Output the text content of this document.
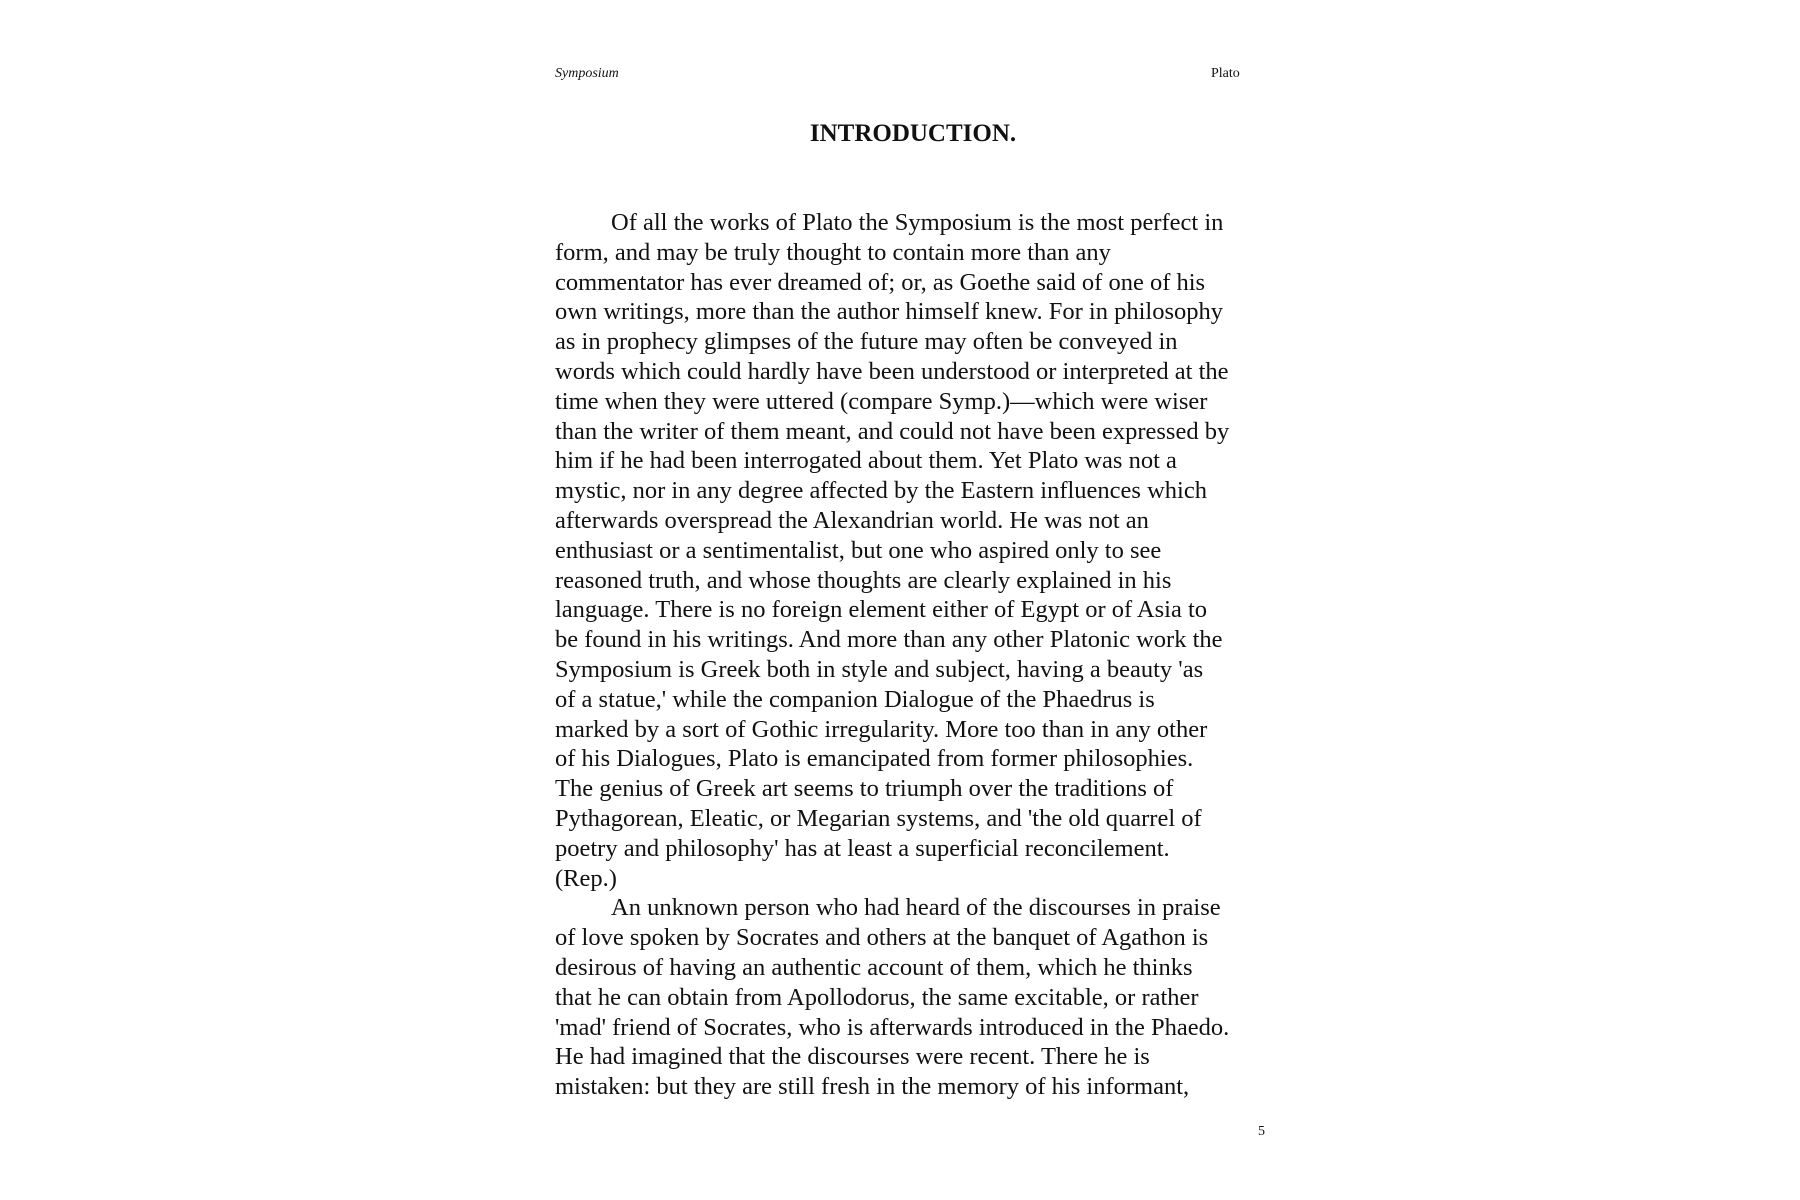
Symposium	Plato
INTRODUCTION.
Of all the works of Plato the Symposium is the most perfect in
form, and may be truly thought to contain more than any
commentator has ever dreamed of; or, as Goethe said of one of his
own writings, more than the author himself knew. For in philosophy
as in prophecy glimpses of the future may often be conveyed in
words which could hardly have been understood or interpreted at the
time when they were uttered (compare Symp.)—which were wiser
than the writer of them meant, and could not have been expressed by
him if he had been interrogated about them. Yet Plato was not a
mystic, nor in any degree affected by the Eastern influences which
afterwards overspread the Alexandrian world. He was not an
enthusiast or a sentimentalist, but one who aspired only to see
reasoned truth, and whose thoughts are clearly explained in his
language. There is no foreign element either of Egypt or of Asia to
be found in his writings. And more than any other Platonic work the
Symposium is Greek both in style and subject, having a beauty 'as
of a statue,' while the companion Dialogue of the Phaedrus is
marked by a sort of Gothic irregularity. More too than in any other
of his Dialogues, Plato is emancipated from former philosophies.
The genius of Greek art seems to triumph over the traditions of
Pythagorean, Eleatic, or Megarian systems, and 'the old quarrel of
poetry and philosophy' has at least a superficial reconcilement.
(Rep.)
An unknown person who had heard of the discourses in praise
of love spoken by Socrates and others at the banquet of Agathon is
desirous of having an authentic account of them, which he thinks
that he can obtain from Apollodorus, the same excitable, or rather
'mad' friend of Socrates, who is afterwards introduced in the Phaedo.
He had imagined that the discourses were recent. There he is
mistaken: but they are still fresh in the memory of his informant,
5
